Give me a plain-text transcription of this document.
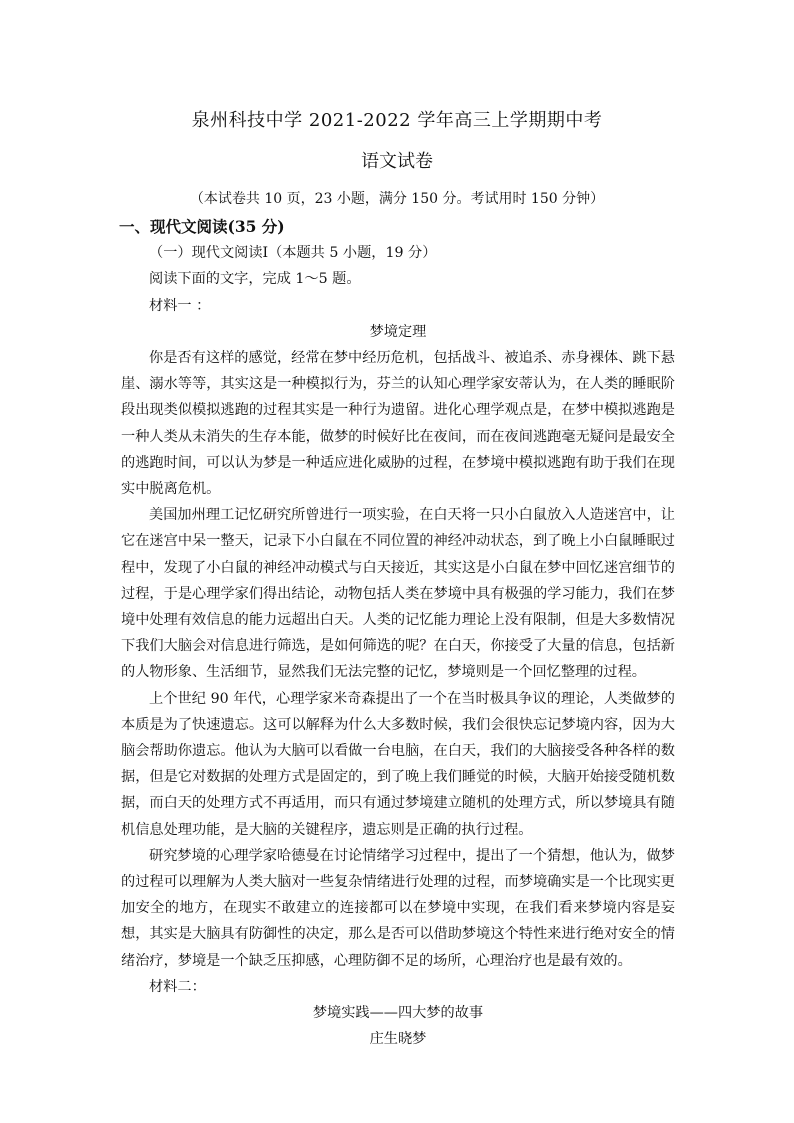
泉州科技中学 2021-2022 学年高三上学期期中考
语文试卷
（本试卷共 10 页，23 小题，满分 150 分。考试用时 150 分钟）
一、现代文阅读(35 分)
（一）现代文阅读Ⅰ（本题共 5 小题，19 分）
阅读下面的文字，完成 1～5 题。
材料一 ：
梦境定理

你是否有这样的感觉，经常在梦中经历危机，包括战斗、被追杀、赤身裸体、跳下悬崖、溺水等等，其实这是一种模拟行为，芬兰的认知心理学家安蒂认为，在人类的睡眠阶段出现类似模拟逃跑的过程其实是一种行为遗留。进化心理学观点是，在梦中模拟逃跑是一种人类从未消失的生存本能，做梦的时候好比在夜间，而在夜间逃跑毫无疑问是最安全的逃跑时间，可以认为梦是一种适应进化威胁的过程，在梦境中模拟逃跑有助于我们在现实中脱离危机。

美国加州理工记忆研究所曾进行一项实验，在白天将一只小白鼠放入人造迷宫中，让它在迷宫中呆一整天，记录下小白鼠在不同位置的神经冲动状态，到了晚上小白鼠睡眠过程中，发现了小白鼠的神经冲动模式与白天接近，其实这是小白鼠在梦中回忆迷宫细节的过程，于是心理学家们得出结论，动物包括人类在梦境中具有极强的学习能力，我们在梦境中处理有效信息的能力远超出白天。人类的记忆能力理论上没有限制，但是大多数情况下我们大脑会对信息进行筛选，是如何筛选的呢？在白天，你接受了大量的信息，包括新的人物形象、生活细节，显然我们无法完整的记忆，梦境则是一个回忆整理的过程。

上个世纪 90 年代，心理学家米奇森提出了一个在当时极具争议的理论，人类做梦的本质是为了快速遗忘。这可以解释为什么大多数时候，我们会很快忘记梦境内容，因为大脑会帮助你遗忘。他认为大脑可以看做一台电脑，在白天，我们的大脑接受各种各样的数据，但是它对数据的处理方式是固定的，到了晚上我们睡觉的时候，大脑开始接受随机数据，而白天的处理方式不再适用，而只有通过梦境建立随机的处理方式，所以梦境具有随机信息处理功能，是大脑的关键程序，遗忘则是正确的执行过程。

研究梦境的心理学家哈德曼在讨论情绪学习过程中，提出了一个猜想，他认为，做梦的过程可以理解为人类大脑对一些复杂情绪进行处理的过程，而梦境确实是一个比现实更加安全的地方，在现实不敢建立的连接都可以在梦境中实现，在我们看来梦境内容是妄想，其实是大脑具有防御性的决定，那么是否可以借助梦境这个特性来进行绝对安全的情绪治疗，梦境是一个缺乏压抑感，心理防御不足的场所，心理治疗也是最有效的。

材料二：
梦境实践——四大梦的故事
庄生晓梦
